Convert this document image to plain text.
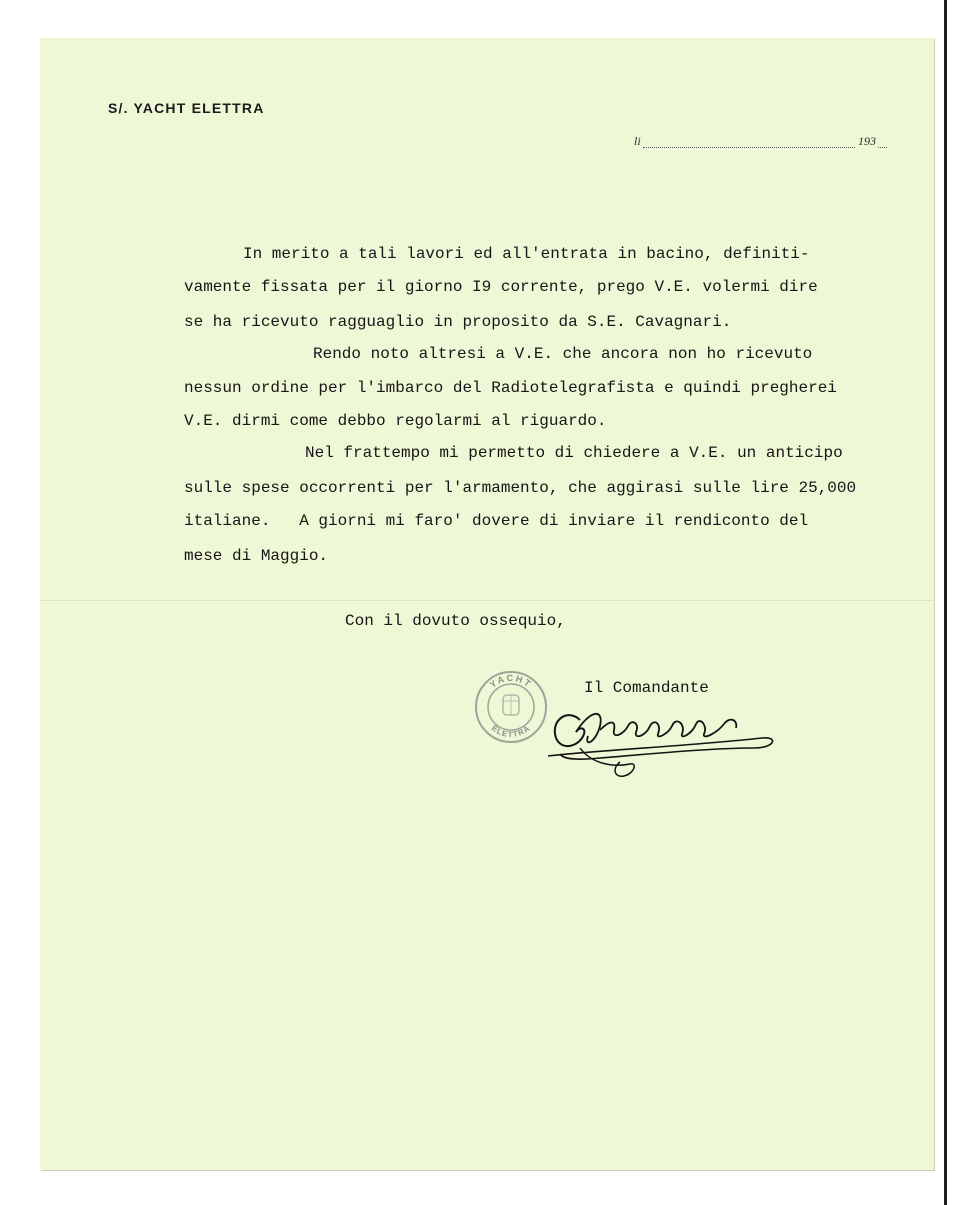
S/. YACHT ELETTRA
li	193
In merito a tali lavori ed all'entrata in bacino, definiti-
vamente fissata per il giorno I9 corrente, prego V.E. volermi dire
se ha ricevuto ragguaglio in proposito da S.E. Cavagnari.
Rendo noto altresi a V.E. che ancora non ho ricevuto
nessun ordine per l'imbarco del Radiotelegrafista e quindi pregherei
V.E. dirmi come debbo regolarmi al riguardo.
Nel frattempo mi permetto di chiedere a V.E. un anticipo
sulle spese occorrenti per l'armamento, che aggirasi sulle lire 25,000
italiane.   A giorni mi faro' dovere di inviare il rendiconto del
mese di Maggio.
Con il dovuto ossequio,
Il Comandante
YACHT
ELETTRA
